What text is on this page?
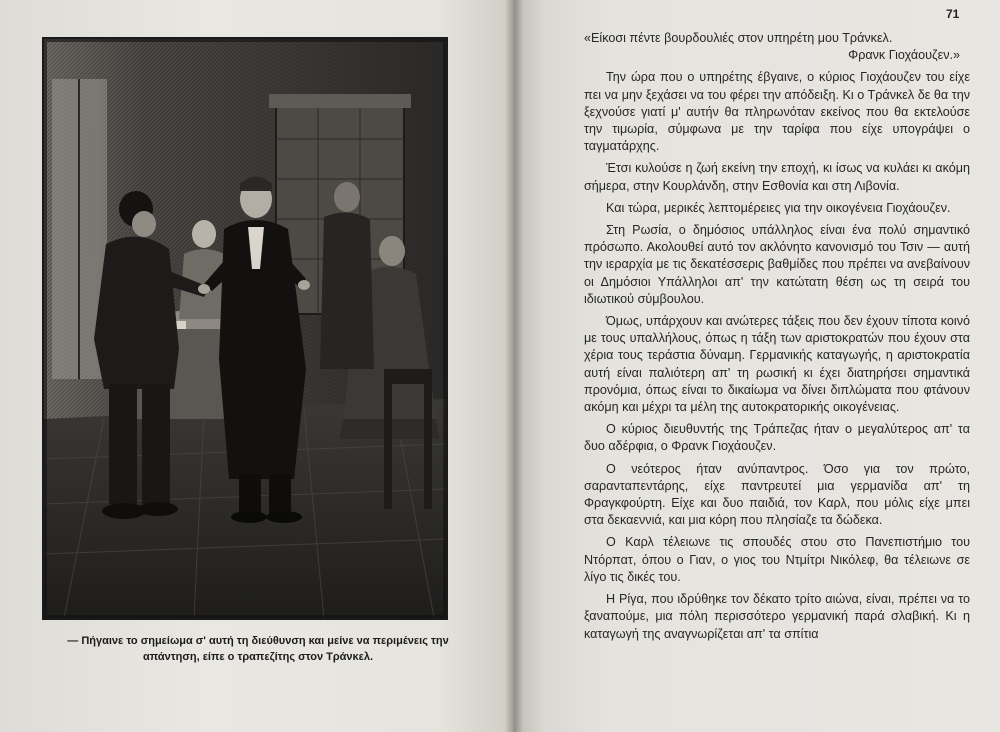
— Πήγαινε το σημείωμα σ' αυτή τη διεύθυνση και μείνε να περιμένεις την απάντηση, είπε ο τραπεζίτης στον Τράνκελ.
71

«Είκοσι πέντε βουρδουλιές στον υπηρέτη μου Τράνκελ.
Φρανκ Γιοχάουζεν.»

Την ώρα που ο υπηρέτης έβγαινε, ο κύριος Γιοχάουζεν του είχε πει να μην ξεχάσει να του φέρει την απόδειξη. Κι ο Τράνκελ δε θα την ξεχνούσε γιατί μ' αυτήν θα πληρωνόταν εκείνος που θα εκτελούσε την τιμωρία, σύμφωνα με την ταρίφα που είχε υπογράψει ο ταγματάρχης.

Έτσι κυλούσε η ζωή εκείνη την εποχή, κι ίσως να κυλάει κι ακόμη σήμερα, στην Κουρλάνδη, στην Εσθονία και στη Λιβονία.

Και τώρα, μερικές λεπτομέρειες για την οικογένεια Γιοχάουζεν.

Στη Ρωσία, ο δημόσιος υπάλληλος είναι ένα πολύ σημαντικό πρόσωπο. Ακολουθεί αυτό τον ακλόνητο κανονισμό του Τσιν — αυτή την ιεραρχία με τις δεκατέσσερις βαθμίδες που πρέπει να ανεβαίνουν οι Δημόσιοι Υπάλληλοι απ' την κατώτατη θέση ως τη σειρά του ιδιωτικού σύμβουλου.

Όμως, υπάρχουν και ανώτερες τάξεις που δεν έχουν τίποτα κοινό με τους υπαλλήλους, όπως η τάξη των αριστοκρατών που έχουν στα χέρια τους τεράστια δύναμη. Γερμανικής καταγωγής, η αριστοκρατία αυτή είναι παλιότερη απ' τη ρωσική κι έχει διατηρήσει σημαντικά προνόμια, όπως είναι το δικαίωμα να δίνει διπλώματα που φτάνουν ακόμη και μέχρι τα μέλη της αυτοκρατορικής οικογένειας.

Ο κύριος διευθυντής της Τράπεζας ήταν ο μεγαλύτερος απ' τα δυο αδέρφια, ο Φρανκ Γιοχάουζεν.

Ο νεότερος ήταν ανύπαντρος. Όσο για τον πρώτο, σαρανταπεντάρης, είχε παντρευτεί μια γερμανίδα απ' τη Φραγκφούρτη. Είχε και δυο παιδιά, τον Καρλ, που μόλις είχε μπει στα δεκαεννιά, και μια κόρη που πλησίαζε τα δώδεκα.

Ο Καρλ τέλειωνε τις σπουδές στου στο Πανεπιστήμιο του Ντόρπατ, όπου ο Γιαν, ο γιος του Ντμίτρι Νικόλεφ, θα τέλειωνε σε λίγο τις δικές του.

Η Ρίγα, που ιδρύθηκε τον δέκατο τρίτο αιώνα, είναι, πρέπει να το ξαναπούμε, μια πόλη περισσότερο γερμανική παρά σλαβική. Κι η καταγωγή της αναγνωρίζεται απ' τα σπίτια
